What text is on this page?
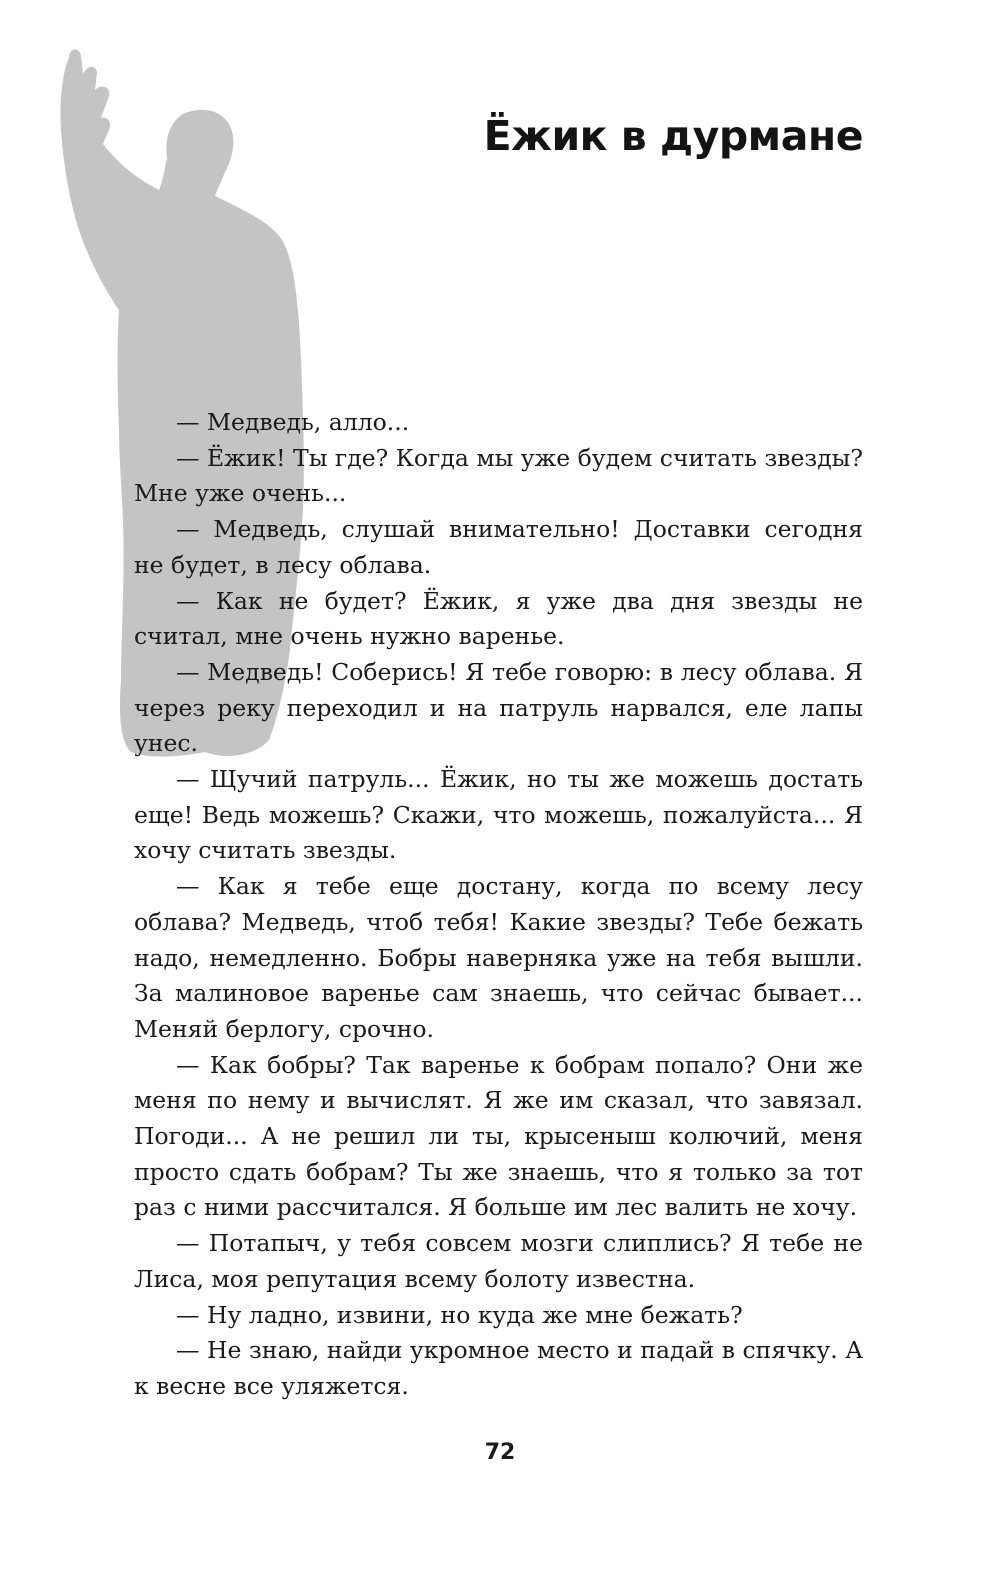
Ёжик в дурмане

— Медведь, алло...

— Ёжик! Ты где? Когда мы уже будем считать звезды? Мне уже очень...

— Медведь, слушай внимательно! Доставки сегодня не будет, в лесу облава.

— Как не будет? Ёжик, я уже два дня звезды не считал, мне очень нужно варенье.

— Медведь! Соберись! Я тебе говорю: в лесу облава. Я через реку переходил и на патруль нарвался, еле лапы унес.

— Щучий патруль... Ёжик, но ты же можешь достать еще! Ведь можешь? Скажи, что можешь, пожалуйста... Я хочу считать звезды.

— Как я тебе еще достану, когда по всему лесу облава? Медведь, чтоб тебя! Какие звезды? Тебе бежать надо, немедленно. Бобры наверняка уже на тебя вышли. За малиновое варенье сам знаешь, что сейчас бывает... Меняй берлогу, срочно.

— Как бобры? Так варенье к бобрам попало? Они же меня по нему и вычислят. Я же им сказал, что завязал. Погоди... А не решил ли ты, крысеныш колючий, меня просто сдать бобрам? Ты же знаешь, что я только за тот раз с ними рассчитался. Я больше им лес валить не хочу.

— Потапыч, у тебя совсем мозги слиплись? Я тебе не Лиса, моя репутация всему болоту известна.

— Ну ладно, извини, но куда же мне бежать?

— Не знаю, найди укромное место и падай в спячку. А к весне все уляжется.

72
